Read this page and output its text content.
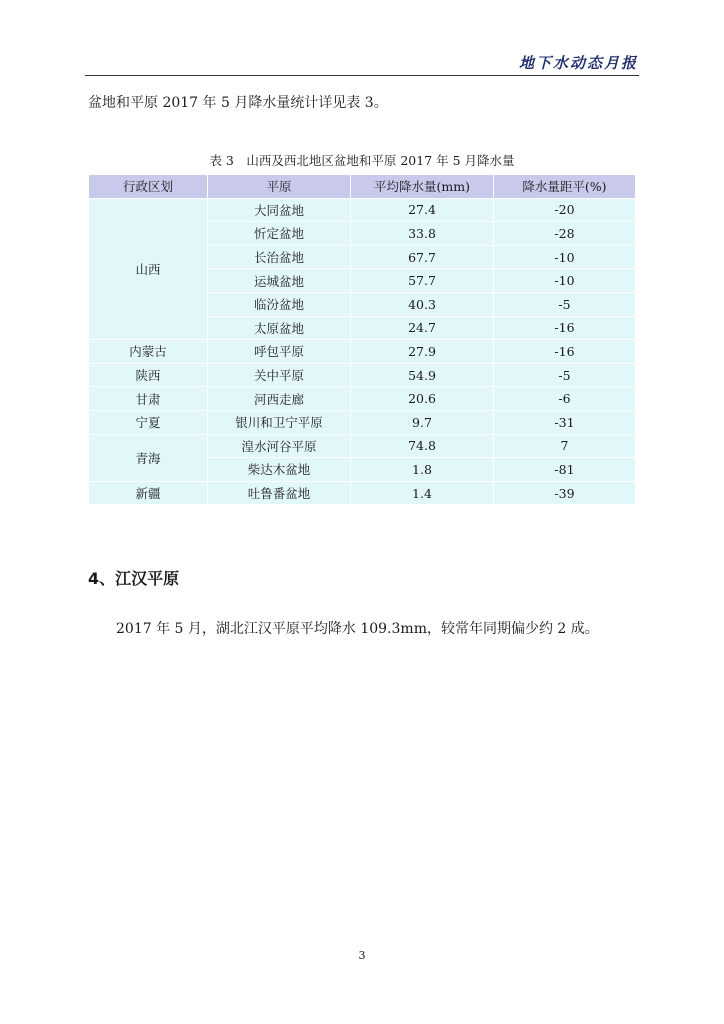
地下水动态月报
盆地和平原 2017 年 5 月降水量统计详见表 3。
表 3　山西及西北地区盆地和平原 2017 年 5 月降水量
行政区划	平原	平均降水量(mm)	降水量距平(%)
山西	大同盆地	27.4	-20
	忻定盆地	33.8	-28
	长治盆地	67.7	-10
	运城盆地	57.7	-10
	临汾盆地	40.3	-5
	太原盆地	24.7	-16
内蒙古	呼包平原	27.9	-16
陕西	关中平原	54.9	-5
甘肃	河西走廊	20.6	-6
宁夏	银川和卫宁平原	9.7	-31
青海	湟水河谷平原	74.8	7
	柴达木盆地	1.8	-81
新疆	吐鲁番盆地	1.4	-39
4、江汉平原
2017 年 5 月，湖北江汉平原平均降水 109.3mm，较常年同期偏少约 2 成。
3
